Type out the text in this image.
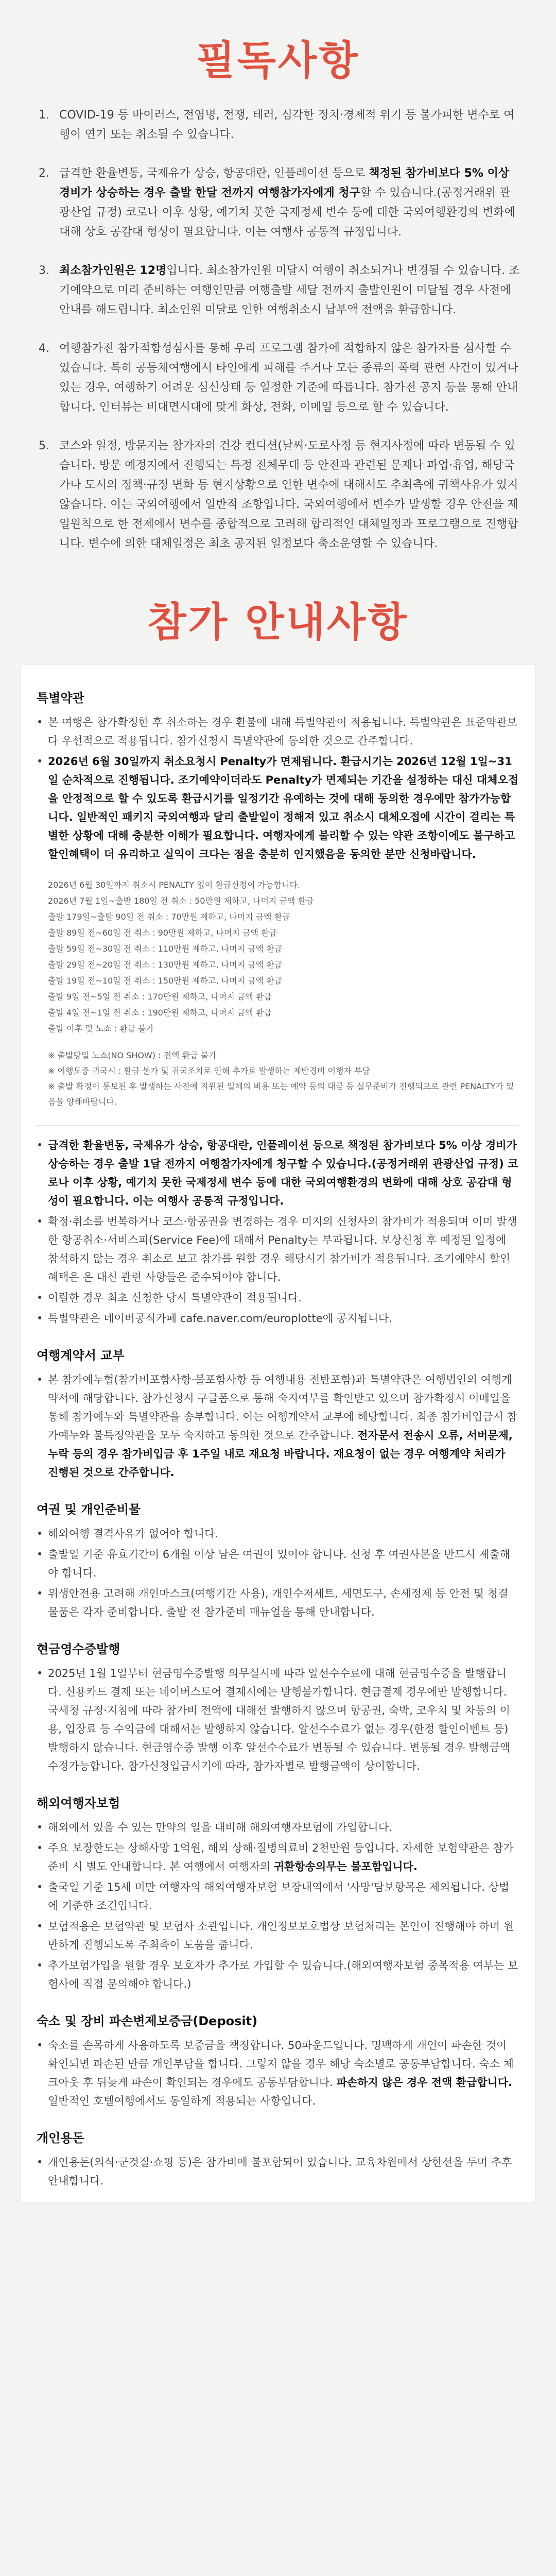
필독사항
1. COVID-19 등 바이러스, 전염병, 전쟁, 테러, 심각한 정치·경제적 위기 등 불가피한 변수로 여행이 연기 또는 취소될 수 있습니다.
2. 급격한 환율변동, 국제유가 상승, 항공대란, 인플레이션 등으로 책정된 참가비보다 5% 이상 경비가 상승하는 경우 출발 한달 전까지 여행참가자에게 청구할 수 있습니다.(공정거래위 관광산업 규정) 코로나 이후 상황, 예기치 못한 국제정세 변수 등에 대한 국외여행환경의 변화에 대해 상호 공감대 형성이 필요합니다. 이는 여행사 공통적 규정입니다.
3. 최소참가인원은 12명입니다. 최소참가인원 미달시 여행이 취소되거나 변경될 수 있습니다. 조기예약으로 미리 준비하는 여행인만큼 여행출발 세달 전까지 출발인원이 미달될 경우 사전에 안내를 해드립니다. 최소인원 미달로 인한 여행취소시 납부액 전액을 환급합니다.
4. 여행참가전 참가적합성심사를 통해 우리 프로그램 참가에 적합하지 않은 참가자를 심사할 수 있습니다. 특히 공동체여행에서 타인에게 피해를 주거나 모든 종류의 폭력 관련 사건이 있거나 있는 경우, 여행하기 어려운 심신상태 등 일정한 기준에 따릅니다. 참가전 공지 등을 통해 안내합니다. 인터뷰는 비대면시대에 맞게 화상, 전화, 이메일 등으로 할 수 있습니다.
5. 코스와 일정, 방문지는 참가자의 건강 컨디션(날씨·도로사정 등 현지사정에 따라 변동될 수 있습니다. 방문 예정지에서 진행되는 특정 전체무대 등 안전과 관련된 문제나 파업·휴업, 해당국가나 도시의 정책·규정 변화 등 현지상황으로 인한 변수에 대해서도 추최측에 귀책사유가 있지 않습니다. 이는 국외여행에서 일반적 조항입니다. 국외여행에서 변수가 발생할 경우 안전을 제일원칙으로 한 전제에서 변수를 종합적으로 고려해 합리적인 대체일정과 프로그램으로 진행합니다. 변수에 의한 대체일정은 최초 공지된 일정보다 축소운영할 수 있습니다.
참가 안내사항
특별약관
• 본 여행은 참가확정한 후 취소하는 경우 환불에 대해 특별약관이 적용됩니다. 특별약관은 표준약관보다 우선적으로 적용됩니다. 참가신청시 특별약관에 동의한 것으로 간주합니다.
• 2026년 6월 30일까지 취소요청시 Penalty가 면제됩니다. 환급시기는 2026년 12월 1일~31일 순차적으로 진행됩니다. 조기예약이더라도 Penalty가 면제되는 기간을 설정하는 대신 대체오접을 안정적으로 할 수 있도록 환급시기를 일정기간 유예하는 것에 대해 동의한 경우에만 참가가능합니다. 일반적인 패키지 국외여행과 달리 출발일이 정해져 있고 취소시 대체오접에 시간이 걸리는 특별한 상황에 대해 충분한 이해가 필요합니다. 여행자에게 불리할 수 있는 약관 조항이에도 불구하고 할인혜택이 더 유리하고 실익이 크다는 점을 충분히 인지했음을 동의한 분만 신청바랍니다.
2026년 6월 30일까지 취소시 PENALTY 없이 환급신청이 가능합니다.
2026년 7월 1일~출발 180일 전 취소 : 50만원 제하고, 나머지 금액 환급
출발 179일~출발 90일 전 취소 : 70만원 제하고, 나머지 금액 환급
출발 89일 전~60일 전 취소 : 90만원 제하고, 나머지 금액 환급
출발 59일 전~30일 전 취소 : 110만원 제하고, 나머지 금액 환급
출발 29일 전~20일 전 취소 : 130만원 제하고, 나머지 금액 환급
출발 19일 전~10일 전 취소 : 150만원 제하고, 나머지 금액 환급
출발 9일 전~5일 전 취소 : 170만원 제하고, 나머지 금액 환급
출발 4일 전~1일 전 취소 : 190만원 제하고, 나머지 금액 환급
출발 이후 및 노쇼 : 환급 불가
※ 출발당일 노쇼(NO SHOW) : 전액 환급 불가
※ 여행도중 귀국시 : 환급 불가 및 귀국조치로 인해 추가로 발생하는 제반경비 여행자 부담
※ 출발 확정이 통보된 후 발생하는 사전에 지원된 일체의 비용 또는 예약 등의 대금 등 실무준비가 진행되므로 관련 PENALTY가 있음을 양해바랍니다.
• 급격한 환율변동, 국제유가 상승, 항공대란, 인플레이션 등으로 책정된 참가비보다 5% 이상 경비가 상승하는 경우 출발 1달 전까지 여행참가자에게 청구할 수 있습니다.(공정거래위 관광산업 규정) 코로나 이후 상황, 예기치 못한 국제정세 변수 등에 대한 국외여행환경의 변화에 대해 상호 공감대 형성이 필요합니다. 이는 여행사 공통적 규정입니다.
• 확정·취소를 번복하거나 코스·항공권을 변경하는 경우 미지의 신청사의 참가비가 적용되며 이미 발생한 항공취소·서비스피(Service Fee)에 대해서 Penalty는 부과됩니다. 보상신청 후 예정된 일정에 참석하지 않는 경우 취소로 보고 참가를 원할 경우 해당시기 참가비가 적용됩니다. 조기예약시 할인혜택은 온 대신 관련 사항들은 준수되어야 합니다.
• 이럴한 경우 최초 신청한 당시 특별약관이 적용됩니다.
• 특별약관은 네이버공식카페 cafe.naver.com/europlotte에 공지됩니다.
여행계약서 교부
• 본 참가예누협(참가비포함사항·불포함사항 등 여행내용 전반포함)과 특별약관은 여행법인의 여행계약서에 해당합니다. 참가신청시 구글폼으로 통해 숙지여부를 확인받고 있으며 참가확정시 이메일을 통해 참가예누와 특별약관을 송부합니다. 이는 여행계약서 교부에 해당합니다. 최종 참가비입금시 참가예누와 불특정약관을 모두 숙지하고 동의한 것으로 간주합니다. 전자문서 전송시 오류, 서버문제, 누락 등의 경우 참가비입금 후 1주일 내로 재요청 바랍니다. 재요청이 없는 경우 여행계약 처리가 진행된 것으로 간주합니다.
여권 및 개인준비물
• 해외여행 결격사유가 없어야 합니다.
• 출발일 기준 유효기간이 6개월 이상 남은 여권이 있어야 합니다. 신청 후 여권사본을 반드시 제출해야 합니다.
• 위생안전용 고려해 개인마스크(여행기간 사용), 개인수저세트, 세면도구, 손세정제 등 안전 및 청결 물품은 각자 준비합니다. 출발 전 참가준비 매뉴얼을 통해 안내합니다.
현금영수증발행
• 2025년 1월 1일부터 현금영수증발행 의무실시에 따라 알선수수료에 대해 현금영수증을 발행합니다. 신용카드 결제 또는 네이버스토어 결제시에는 발행불가합니다. 현금결제 경우에만 발행합니다. 국세청 규정·지침에 따라 참가비 전액에 대해선 발행하지 않으며 항공권, 숙박, 코우치 및 차등의 이용, 입장료 등 수익금에 대해서는 발행하지 않습니다. 알선수수료가 없는 경우(한정 할인이벤트 등) 발행하지 않습니다. 현금영수증 발행 이후 알선수수료가 변동될 수 있습니다. 변동될 경우 발행금액 수정가능합니다. 참가신청입금시기에 따라, 참가자별로 발행금액이 상이합니다.
해외여행자보험
• 해외에서 있을 수 있는 만약의 일을 대비해 해외여행자보험에 가입합니다.
• 주요 보장한도는 상해사망 1억원, 해외 상해·질병의료비 2천만원 등입니다. 자세한 보험약관은 참가준비 시 별도 안내합니다. 본 여행에서 여행자의 귀환항송의무는 불포함입니다.
• 출국일 기준 15세 미만 여행자의 해외여행자보험 보장내역에서 '사망'담보항목은 제외됩니다. 상법에 기준한 조건입니다.
• 보험적용은 보험약관 및 보험사 소관입니다. 개인정보보호법상 보험처리는 본인이 진행해야 하며 원만하게 진행되도록 주최측이 도움을 줍니다.
• 추가보험가입을 원할 경우 보호자가 추가로 가입할 수 있습니다.(해외여행자보험 중복적용 여부는 보험사에 직접 문의해야 합니다.)
숙소 및 장비 파손변제보증금(Deposit)
• 숙소를 손목하게 사용하도록 보증금을 책정합니다. 50파운드입니다. 명백하게 개인이 파손한 것이 확인되면 파손된 만큼 개인부담을 합니다. 그렇지 않을 경우 해당 숙소별로 공동부담합니다. 숙소 체크아웃 후 뒤늦게 파손이 확인되는 경우에도 공동부담합니다. 파손하지 않은 경우 전액 환급합니다. 일반적인 호텔여행에서도 동일하게 적용되는 사항입니다.
개인용돈
• 개인용돈(외식·군것질·쇼핑 등)은 참가비에 불포함되어 있습니다. 교육차원에서 상한선을 두며 추후 안내합니다.
